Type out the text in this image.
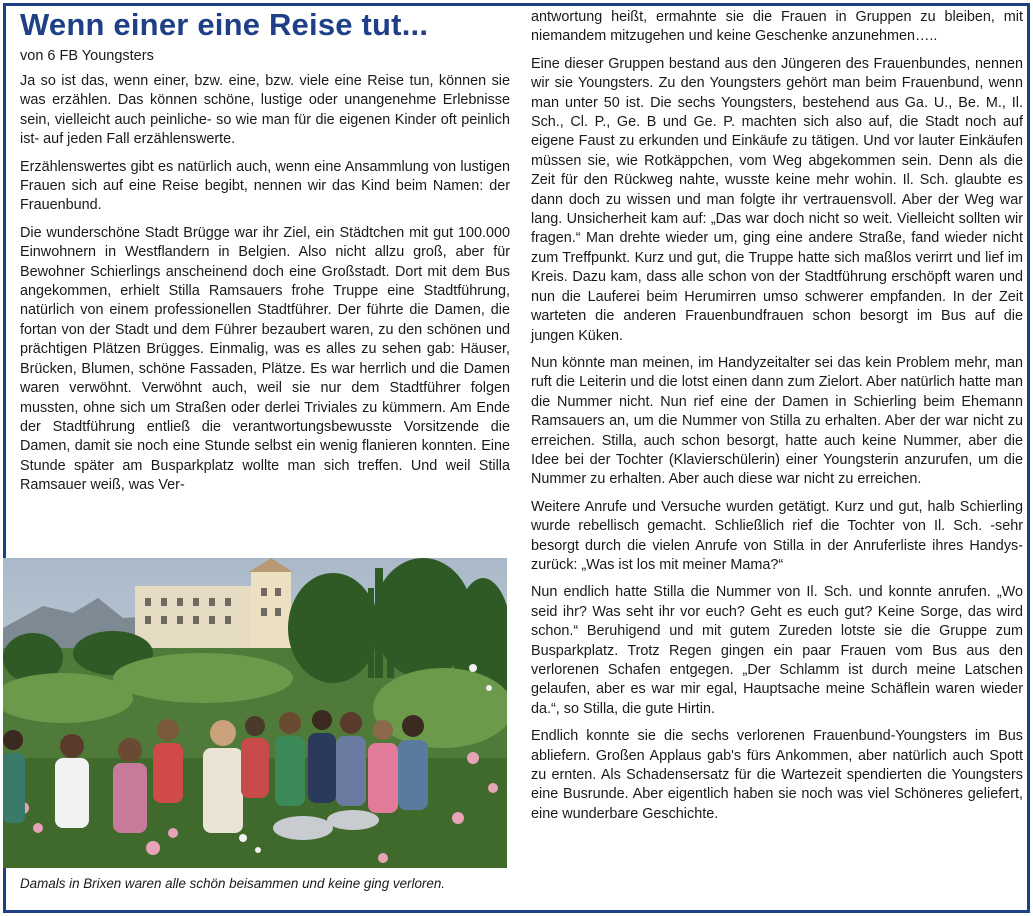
Wenn einer eine Reise tut...
von 6 FB Youngsters

Ja so ist das, wenn einer, bzw. eine, bzw. viele eine Reise tun, können sie was erzählen. Das können schöne, lustige oder unangenehme Erlebnisse sein, vielleicht auch peinliche- so wie man für die eigenen Kinder oft peinlich ist- auf jeden Fall erzählenswerte.

Erzählenswertes gibt es natürlich auch, wenn eine Ansammlung von lustigen Frauen sich auf eine Reise begibt, nennen wir das Kind beim Namen: der Frauenbund.

Die wunderschöne Stadt Brügge war ihr Ziel, ein Städtchen mit gut 100.000 Einwohnern in Westflandern in Belgien. Also nicht allzu groß, aber für Bewohner Schierlings anscheinend doch eine Großstadt. Dort mit dem Bus angekommen, erhielt Stilla Ramsauers frohe Truppe eine Stadtführung, natürlich von einem professionellen Stadtführer. Der führte die Damen, die fortan von der Stadt und dem Führer bezaubert waren, zu den schönen und prächtigen Plätzen Brügges. Einmalig, was es alles zu sehen gab: Häuser, Brücken, Blumen, schöne Fassaden, Plätze. Es war herrlich und die Damen waren verwöhnt. Verwöhnt auch, weil sie nur dem Stadtführer folgen mussten, ohne sich um Straßen oder derlei Triviales zu kümmern. Am Ende der Stadtführung entließ die verantwortungsbewusste Vorsitzende die Damen, damit sie noch eine Stunde selbst ein wenig flanieren konnten. Eine Stunde später am Busparkplatz wollte man sich treffen. Und weil Stilla Ramsauer weiß, was Ver-

Damals in Brixen waren alle schön beisammen und keine ging verloren.

antwortung heißt, ermahnte sie die Frauen in Gruppen zu bleiben, mit niemandem mitzugehen und keine Geschenke anzunehmen…..

Eine dieser Gruppen bestand aus den Jüngeren des Frauenbundes, nennen wir sie Youngsters. Zu den Youngsters gehört man beim Frauenbund, wenn man unter 50 ist. Die sechs Youngsters, bestehend aus Ga. U., Be. M., Il. Sch., Cl. P., Ge. B und Ge. P. machten sich also auf, die Stadt noch auf eigene Faust zu erkunden und Einkäufe zu tätigen. Und vor lauter Einkäufen müssen sie, wie Rotkäppchen, vom Weg abgekommen sein. Denn als die Zeit für den Rückweg nahte, wusste keine mehr wohin. Il. Sch. glaubte es dann doch zu wissen und man folgte ihr vertrauensvoll. Aber der Weg war lang. Unsicherheit kam auf: „Das war doch nicht so weit. Vielleicht sollten wir fragen.“ Man drehte wieder um, ging eine andere Straße, fand wieder nicht zum Treffpunkt. Kurz und gut, die Truppe hatte sich maßlos verirrt und lief im Kreis. Dazu kam, dass alle schon von der Stadtführung erschöpft waren und nun die Lauferei beim Herumirren umso schwerer empfanden. In der Zeit warteten die anderen Frauenbundfrauen schon besorgt im Bus auf die jungen Küken.

Nun könnte man meinen, im Handyzeitalter sei das kein Problem mehr, man ruft die Leiterin und die lotst einen dann zum Zielort. Aber natürlich hatte man die Nummer nicht. Nun rief eine der Damen in Schierling beim Ehemann Ramsauers an, um die Nummer von Stilla zu erhalten. Aber der war nicht zu erreichen. Stilla, auch schon besorgt, hatte auch keine Nummer, aber die Idee bei der Tochter (Klavierschülerin) einer Youngsterin anzurufen, um die Nummer zu erhalten. Aber auch diese war nicht zu erreichen.

Weitere Anrufe und Versuche wurden getätigt. Kurz und gut, halb Schierling wurde rebellisch gemacht. Schließlich rief die Tochter von Il. Sch. -sehr besorgt durch die vielen Anrufe von Stilla in der Anruferliste ihres Handys- zurück: „Was ist los mit meiner Mama?“

Nun endlich hatte Stilla die Nummer von Il. Sch. und konnte anrufen. „Wo seid ihr? Was seht ihr vor euch? Geht es euch gut? Keine Sorge, das wird schon.“ Beruhigend und mit gutem Zureden lotste sie die Gruppe zum Busparkplatz. Trotz Regen gingen ein paar Frauen vom Bus aus den verlorenen Schafen entgegen. „Der Schlamm ist durch meine Latschen gelaufen, aber es war mir egal, Hauptsache meine Schäflein waren wieder da.“, so Stilla, die gute Hirtin.

Endlich konnte sie die sechs verlorenen Frauenbund-Youngsters im Bus abliefern. Großen Applaus gab's fürs Ankommen, aber natürlich auch Spott zu ernten. Als Schadensersatz für die Wartezeit spendierten die Youngsters eine Busrunde. Aber eigentlich haben sie noch was viel Schöneres geliefert, eine wunderbare Geschichte.
